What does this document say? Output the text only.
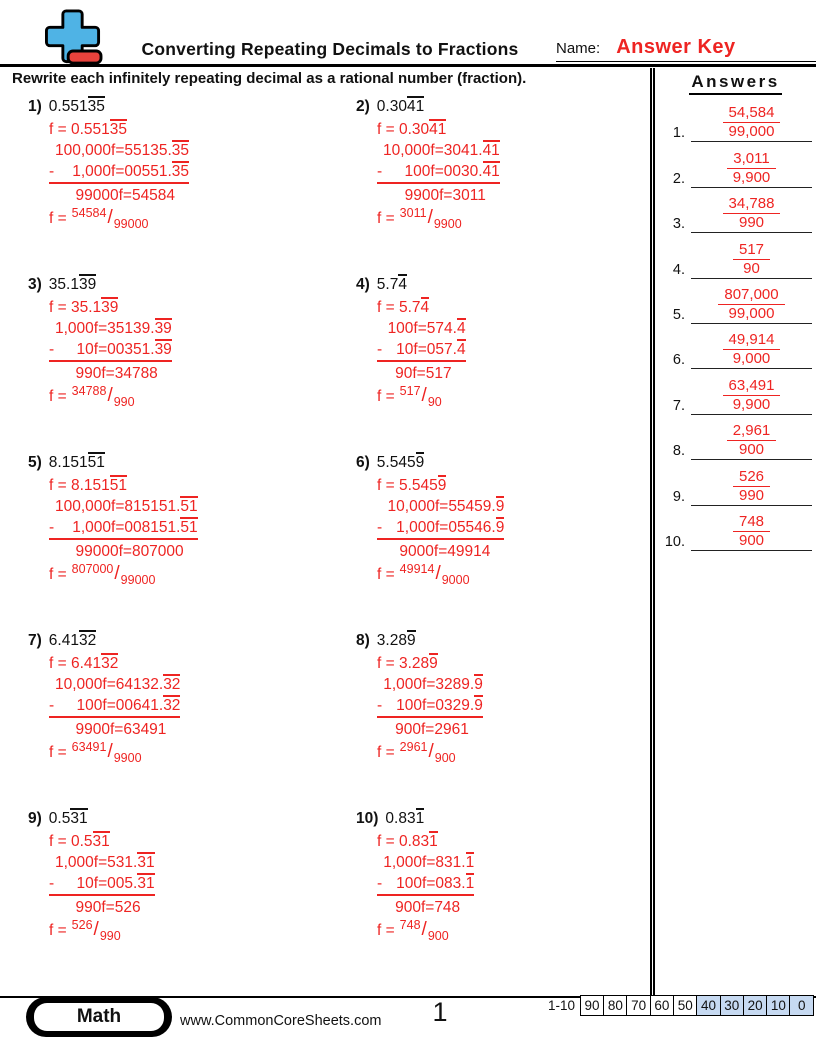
Converting Repeating Decimals to Fractions	Name: Answer Key
Rewrite each infinitely repeating decimal as a rational number (fraction).
1) 0.55135
f = 0.55135
100,000f=55135.35
- 1,000f=00551.35
99000f=54584
f = 54584/99000
2) 0.3041
f = 0.3041
10,000f=3041.41
- 100f=0030.41
9900f=3011
f = 3011/9900
3) 35.139
f = 35.139
1,000f=35139.39
- 10f=00351.39
990f=34788
f = 34788/990
4) 5.74
f = 5.74
100f=574.4
- 10f=057.4
90f=517
f = 517/90
5) 8.15151
f = 8.15151
100,000f=815151.51
- 1,000f=008151.51
99000f=807000
f = 807000/99000
6) 5.5459
f = 5.5459
10,000f=55459.9
- 1,000f=05546.9
9000f=49914
f = 49914/9000
7) 6.4132
f = 6.4132
10,000f=64132.32
- 100f=00641.32
9900f=63491
f = 63491/9900
8) 3.289
f = 3.289
1,000f=3289.9
- 100f=0329.9
900f=2961
f = 2961/900
9) 0.531
f = 0.531
1,000f=531.31
- 10f=005.31
990f=526
f = 526/990
10) 0.831
f = 0.831
1,000f=831.1
- 100f=083.1
900f=748
f = 748/900
Answers
1. $\frac{54,584}{99,000}$
2. $\frac{3,011}{9,900}$
3. $\frac{34,788}{990}$
4. $\frac{517}{90}$
5. $\frac{807,000}{99,000}$
6. $\frac{49,914}{9,000}$
7. $\frac{63,491}{9,900}$
8. $\frac{2,961}{900}$
9. $\frac{526}{990}$
10. $\frac{748}{900}$
Math	www.CommonCoreSheets.com	1	1-10 90 80 70 60 50 40 30 20 10 0
